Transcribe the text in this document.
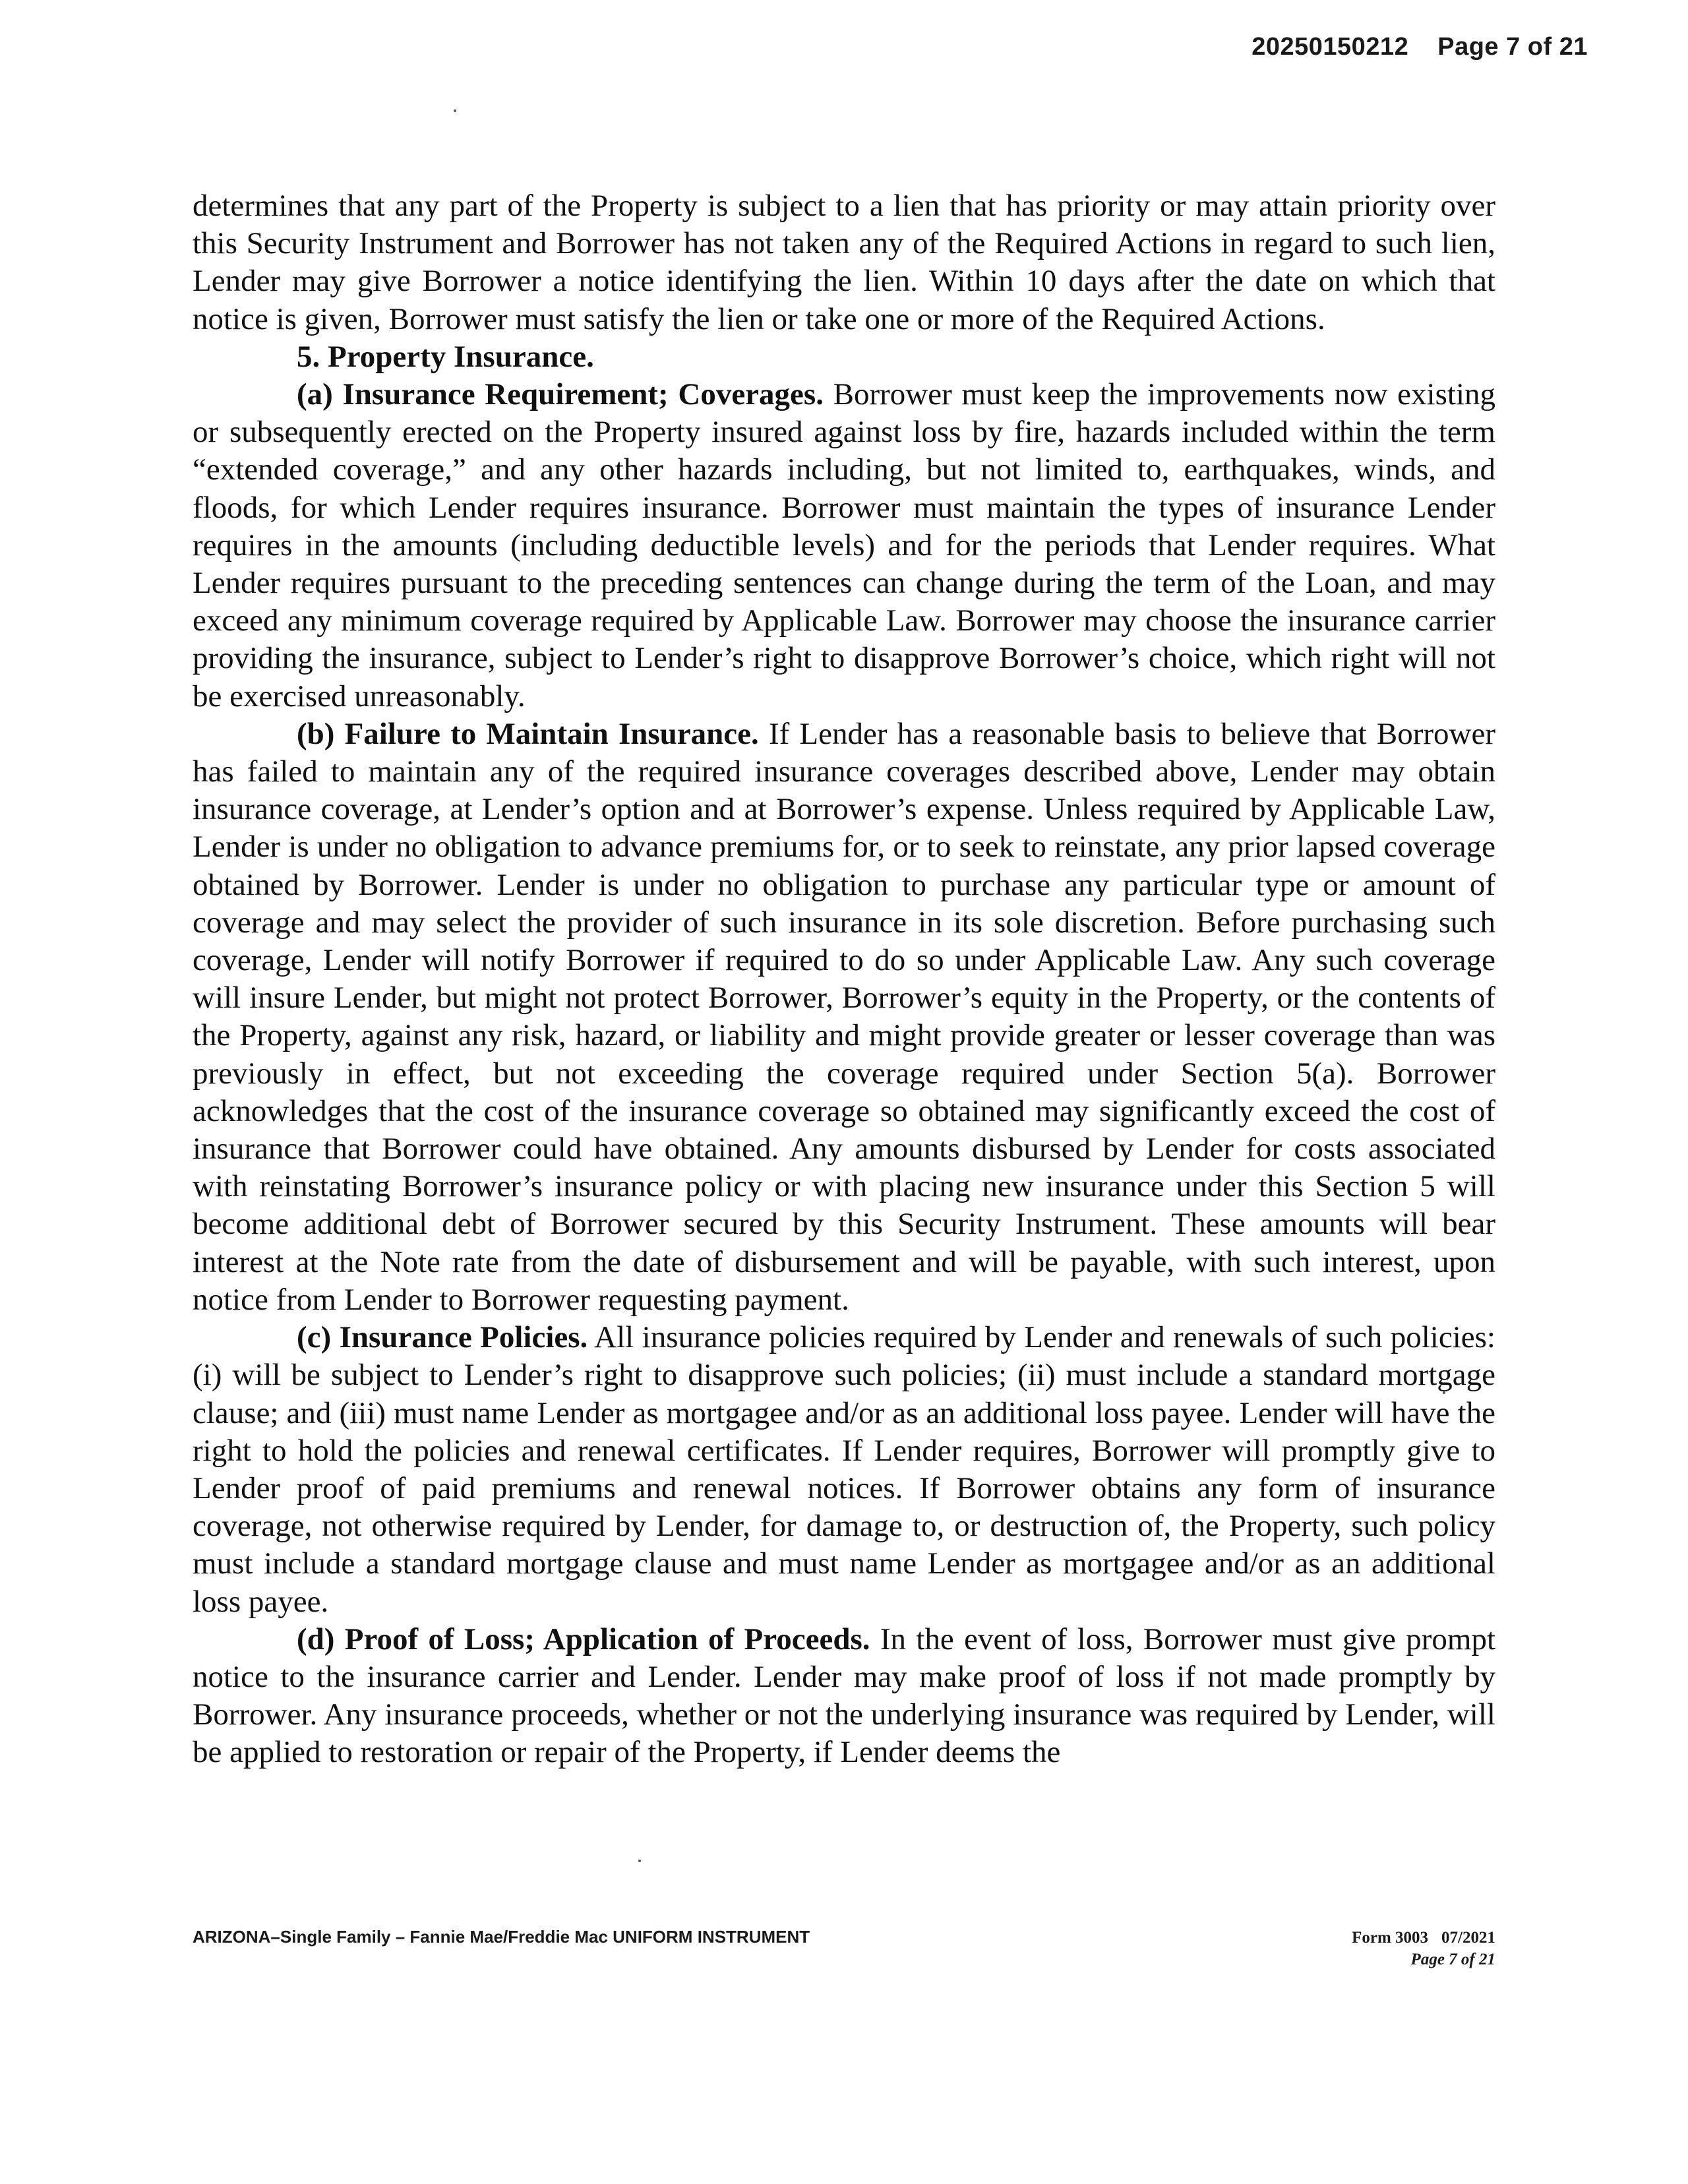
20250150212 Page 7 of 21

determines that any part of the Property is subject to a lien that has priority or may attain priority over this Security Instrument and Borrower has not taken any of the Required Actions in regard to such lien, Lender may give Borrower a notice identifying the lien. Within 10 days after the date on which that notice is given, Borrower must satisfy the lien or take one or more of the Required Actions.

5. Property Insurance.

(a) Insurance Requirement; Coverages. Borrower must keep the improvements now existing or subsequently erected on the Property insured against loss by fire, hazards included within the term “extended coverage,” and any other hazards including, but not limited to, earthquakes, winds, and floods, for which Lender requires insurance. Borrower must maintain the types of insurance Lender requires in the amounts (including deductible levels) and for the periods that Lender requires. What Lender requires pursuant to the preceding sentences can change during the term of the Loan, and may exceed any minimum coverage required by Applicable Law. Borrower may choose the insurance carrier providing the insurance, subject to Lender’s right to disapprove Borrower’s choice, which right will not be exercised unreasonably.

(b) Failure to Maintain Insurance. If Lender has a reasonable basis to believe that Borrower has failed to maintain any of the required insurance coverages described above, Lender may obtain insurance coverage, at Lender’s option and at Borrower’s expense. Unless required by Applicable Law, Lender is under no obligation to advance premiums for, or to seek to reinstate, any prior lapsed coverage obtained by Borrower. Lender is under no obligation to purchase any particular type or amount of coverage and may select the provider of such insurance in its sole discretion. Before purchasing such coverage, Lender will notify Borrower if required to do so under Applicable Law. Any such coverage will insure Lender, but might not protect Borrower, Borrower’s equity in the Property, or the contents of the Property, against any risk, hazard, or liability and might provide greater or lesser coverage than was previously in effect, but not exceeding the coverage required under Section 5(a). Borrower acknowledges that the cost of the insurance coverage so obtained may significantly exceed the cost of insurance that Borrower could have obtained. Any amounts disbursed by Lender for costs associated with reinstating Borrower’s insurance policy or with placing new insurance under this Section 5 will become additional debt of Borrower secured by this Security Instrument. These amounts will bear interest at the Note rate from the date of disbursement and will be payable, with such interest, upon notice from Lender to Borrower requesting payment.

(c) Insurance Policies. All insurance policies required by Lender and renewals of such policies: (i) will be subject to Lender’s right to disapprove such policies; (ii) must include a standard mortgage clause; and (iii) must name Lender as mortgagee and/or as an additional loss payee. Lender will have the right to hold the policies and renewal certificates. If Lender requires, Borrower will promptly give to Lender proof of paid premiums and renewal notices. If Borrower obtains any form of insurance coverage, not otherwise required by Lender, for damage to, or destruction of, the Property, such policy must include a standard mortgage clause and must name Lender as mortgagee and/or as an additional loss payee.

(d) Proof of Loss; Application of Proceeds. In the event of loss, Borrower must give prompt notice to the insurance carrier and Lender. Lender may make proof of loss if not made promptly by Borrower. Any insurance proceeds, whether or not the underlying insurance was required by Lender, will be applied to restoration or repair of the Property, if Lender deems the

ARIZONA–Single Family – Fannie Mae/Freddie Mac UNIFORM INSTRUMENT	Form 3003 07/2021
Page 7 of 21
